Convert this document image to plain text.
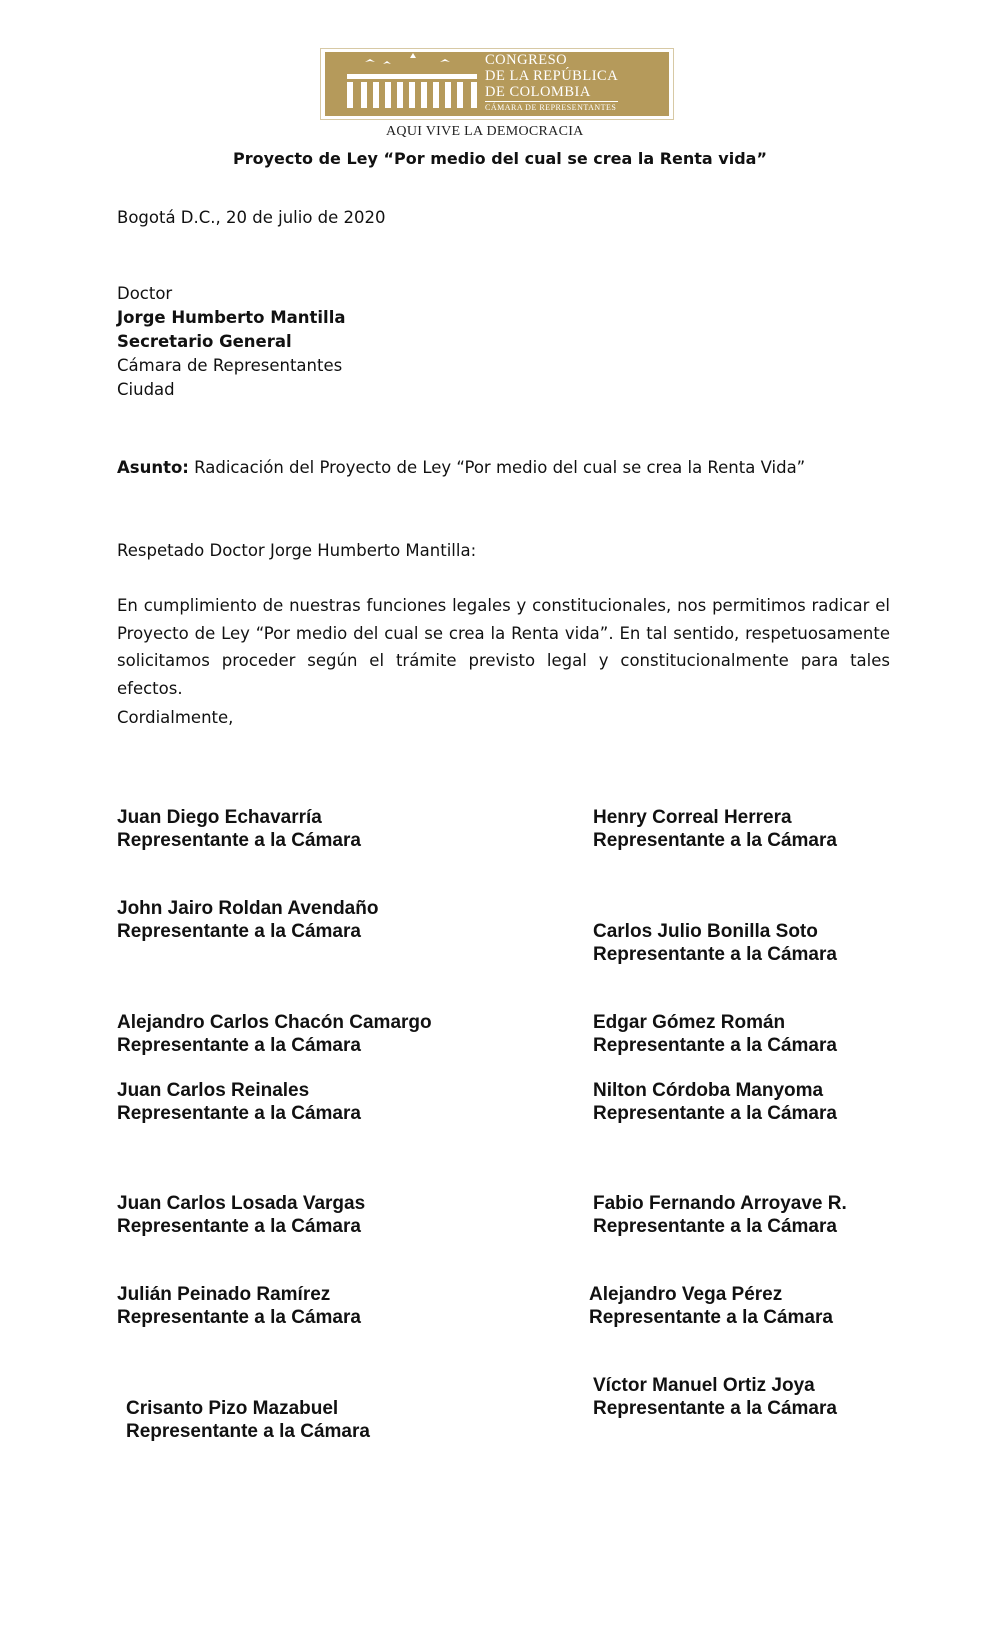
CONGRESO
DE LA REPÚBLICA
DE COLOMBIA
CÁMARA DE REPRESENTANTES
AQUI VIVE LA DEMOCRACIA
Proyecto de Ley “Por medio del cual se crea la Renta vida”
Bogotá D.C., 20 de julio de 2020
Doctor
Jorge Humberto Mantilla
Secretario General
Cámara de Representantes
Ciudad
Asunto: Radicación del Proyecto de Ley “Por medio del cual se crea la Renta Vida”
Respetado Doctor Jorge Humberto Mantilla:
En cumplimiento de nuestras funciones legales y constitucionales, nos permitimos radicar el Proyecto de Ley “Por medio del cual se crea la Renta vida”. En tal sentido, respetuosamente solicitamos proceder según el trámite previsto legal y constitucionalmente para tales efectos.
Cordialmente,
Juan Diego Echavarría
Representante a la Cámara
Henry Correal Herrera
Representante a la Cámara
John Jairo Roldan Avendaño
Representante a la Cámara	Carlos Julio Bonilla Soto
Representante a la Cámara
Alejandro Carlos Chacón Camargo
Representante a la Cámara
Edgar Gómez Román
Representante a la Cámara
Juan Carlos Reinales
Representante a la Cámara
Nilton Córdoba Manyoma
Representante a la Cámara
Juan Carlos Losada Vargas
Representante a la Cámara
Fabio Fernando Arroyave R.
Representante a la Cámara
Julián Peinado Ramírez
Representante a la Cámara
Alejandro Vega Pérez
Representante a la Cámara
Víctor Manuel Ortiz Joya
Representante a la Cámara
Crisanto Pizo Mazabuel
Representante a la Cámara
